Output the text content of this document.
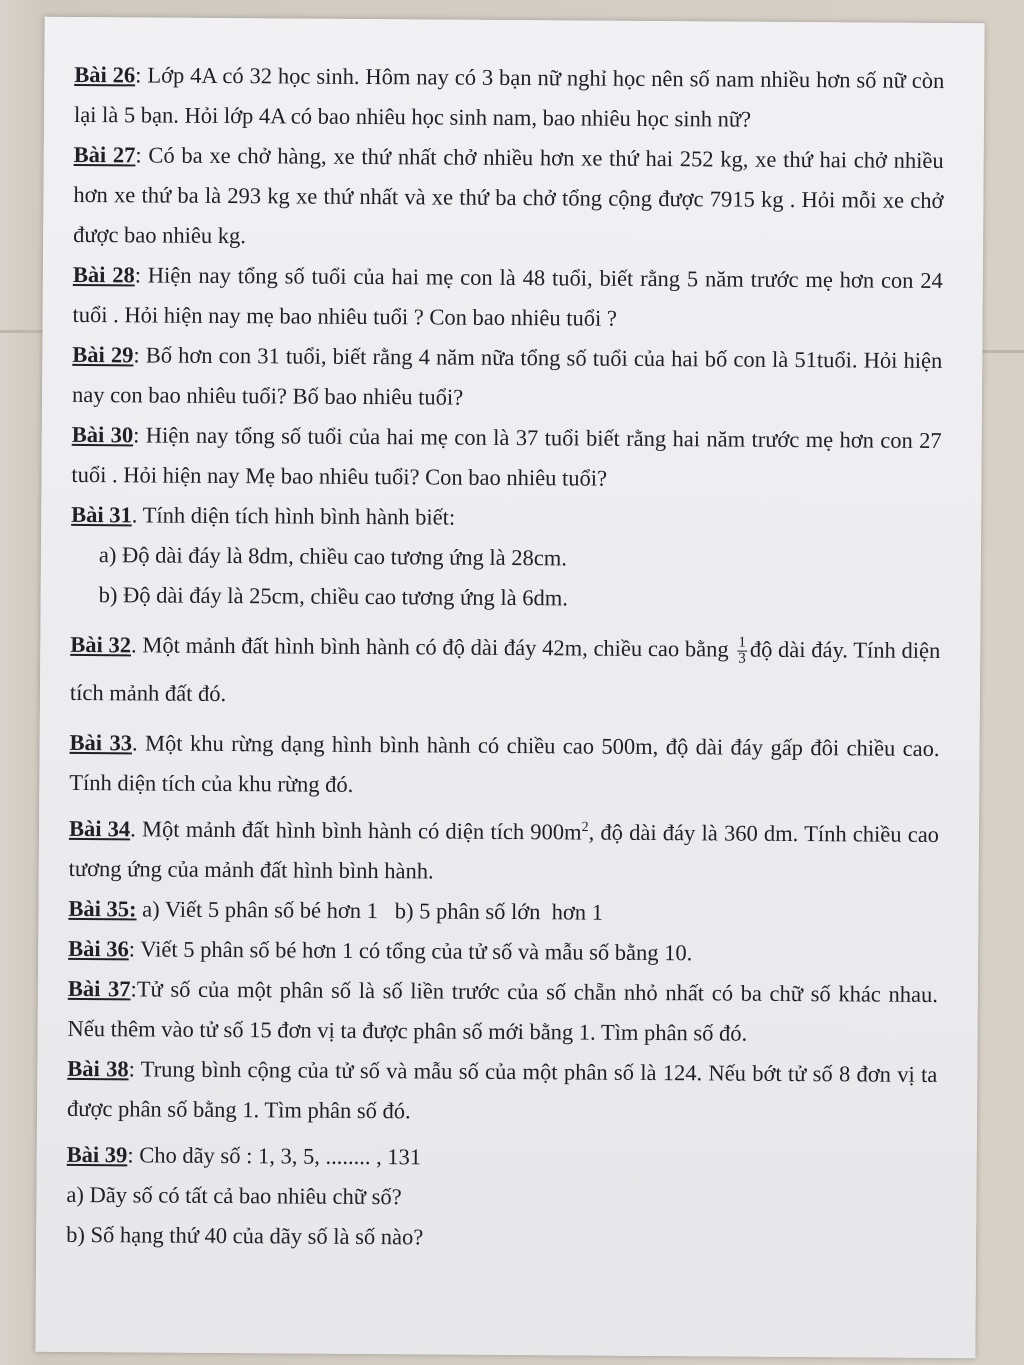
Bài 26: Lớp 4A có 32 học sinh. Hôm nay có 3 bạn nữ nghỉ học nên số nam nhiều hơn số nữ còn lại là 5 bạn. Hỏi lớp 4A có bao nhiêu học sinh nam, bao nhiêu học sinh nữ?

Bài 27: Có ba xe chở hàng, xe thứ nhất chở nhiều hơn xe thứ hai 252 kg, xe thứ hai chở nhiều hơn xe thứ ba là 293 kg xe thứ nhất và xe thứ ba chở tổng cộng được 7915 kg . Hỏi mỗi xe chở được bao nhiêu kg.

Bài 28: Hiện nay tổng số tuổi của hai mẹ con là 48 tuổi, biết rằng 5 năm trước mẹ hơn con 24 tuổi . Hỏi hiện nay mẹ bao nhiêu tuổi ? Con bao nhiêu tuổi ?

Bài 29: Bố hơn con 31 tuổi, biết rằng 4 năm nữa tổng số tuổi của hai bố con là 51tuổi. Hỏi hiện nay con bao nhiêu tuổi? Bố bao nhiêu tuổi?

Bài 30: Hiện nay tổng số tuổi của hai mẹ con là 37 tuổi biết rằng hai năm trước mẹ hơn con 27 tuổi . Hỏi hiện nay Mẹ bao nhiêu tuổi? Con bao nhiêu tuổi?

Bài 31. Tính diện tích hình bình hành biết:

a) Độ dài đáy là 8dm, chiều cao tương ứng là 28cm.

b) Độ dài đáy là 25cm, chiều cao tương ứng là 6dm.

Bài 32. Một mảnh đất hình bình hành có độ dài đáy 42m, chiều cao bằng $\frac{1}{3}$ độ dài đáy. Tính diện tích mảnh đất đó.

Bài 33. Một khu rừng dạng hình bình hành có chiều cao 500m, độ dài đáy gấp đôi chiều cao. Tính diện tích của khu rừng đó.

Bài 34. Một mảnh đất hình bình hành có diện tích $900m^2$, độ dài đáy là 360 dm. Tính chiều cao tương ứng của mảnh đất hình bình hành.

Bài 35: a) Viết 5 phân số bé hơn 1   b) 5 phân số lớn  hơn 1

Bài 36: Viết 5 phân số bé hơn 1 có tổng của tử số và mẫu số bằng 10.

Bài 37:Tử số của một phân số là số liền trước của số chẵn nhỏ nhất có ba chữ số khác nhau. Nếu thêm vào tử số 15 đơn vị ta được phân số mới bằng 1. Tìm phân số đó.

Bài 38: Trung bình cộng của tử số và mẫu số của một phân số là 124. Nếu bớt tử số 8 đơn vị ta được phân số bằng 1. Tìm phân số đó.

Bài 39: Cho dãy số : 1, 3, 5, ........ , 131

a) Dãy số có tất cả bao nhiêu chữ số?

b) Số hạng thứ 40 của dãy số là số nào?
